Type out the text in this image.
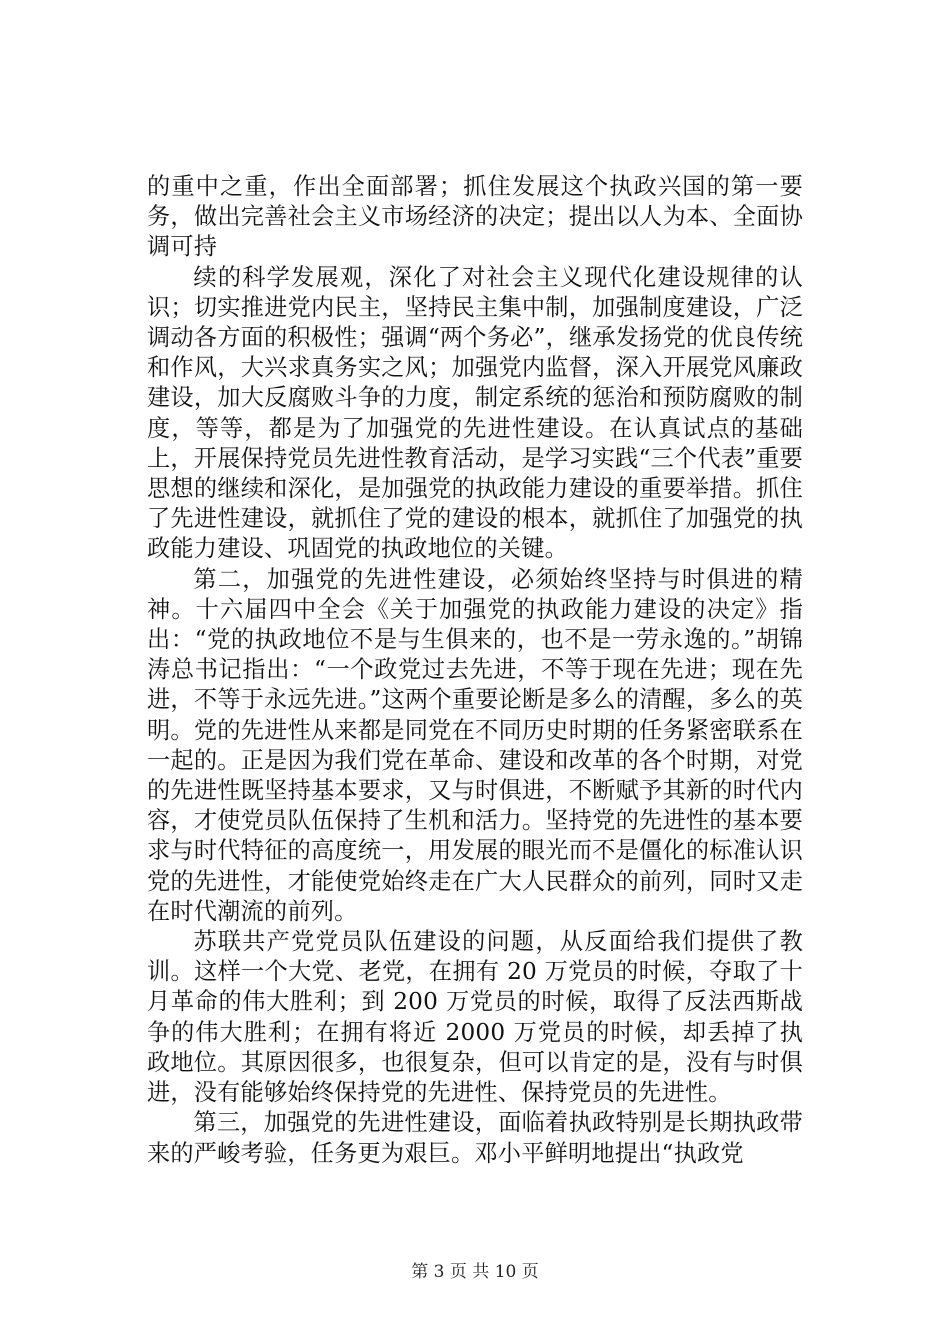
的重中之重，作出全面部署；抓住发展这个执政兴国的第一要务，做出完善社会主义市场经济的决定；提出以人为本、全面协调可持

续的科学发展观，深化了对社会主义现代化建设规律的认识；切实推进党内民主，坚持民主集中制，加强制度建设，广泛调动各方面的积极性；强调“两个务必”，继承发扬党的优良传统和作风，大兴求真务实之风；加强党内监督，深入开展党风廉政建设，加大反腐败斗争的力度，制定系统的惩治和预防腐败的制度，等等，都是为了加强党的先进性建设。在认真试点的基础上，开展保持党员先进性教育活动，是学习实践“三个代表”重要思想的继续和深化，是加强党的执政能力建设的重要举措。抓住了先进性建设，就抓住了党的建设的根本，就抓住了加强党的执政能力建设、巩固党的执政地位的关键。

第二，加强党的先进性建设，必须始终坚持与时俱进的精神。十六届四中全会《关于加强党的执政能力建设的决定》指出：“党的执政地位不是与生俱来的，也不是一劳永逸的。”胡锦涛总书记指出：“一个政党过去先进，不等于现在先进；现在先进，不等于永远先进。”这两个重要论断是多么的清醒，多么的英明。党的先进性从来都是同党在不同历史时期的任务紧密联系在一起的。正是因为我们党在革命、建设和改革的各个时期，对党的先进性既坚持基本要求，又与时俱进，不断赋予其新的时代内容，才使党员队伍保持了生机和活力。坚持党的先进性的基本要求与时代特征的高度统一，用发展的眼光而不是僵化的标准认识党的先进性，才能使党始终走在广大人民群众的前列，同时又走在时代潮流的前列。

苏联共产党党员队伍建设的问题，从反面给我们提供了教训。这样一个大党、老党，在拥有 20 万党员的时候，夺取了十月革命的伟大胜利；到 200 万党员的时候，取得了反法西斯战争的伟大胜利；在拥有将近 2000 万党员的时候，却丢掉了执政地位。其原因很多，也很复杂，但可以肯定的是，没有与时俱进，没有能够始终保持党的先进性、保持党员的先进性。

第三，加强党的先进性建设，面临着执政特别是长期执政带来的严峻考验，任务更为艰巨。邓小平鲜明地提出“执政党

第 3 页 共 10 页
